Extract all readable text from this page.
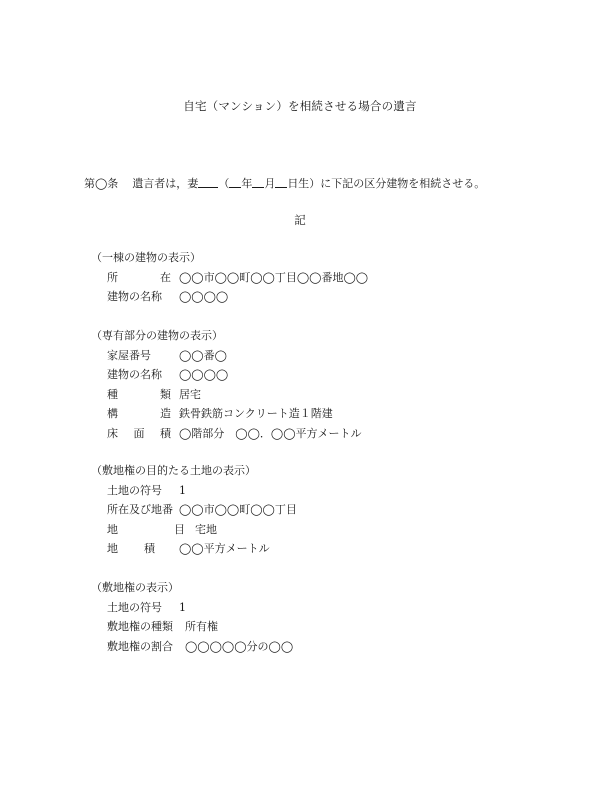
自宅（マンション）を相続させる場合の遺言
第◯条 遺言者は，妻 （ 年 月 日生）に下記の区分建物を相続させる。
記
（一棟の建物の表示）
所	在 ◯◯市◯◯町◯◯丁目◯◯番地◯◯
建物の名称	◯◯◯◯
（専有部分の建物の表示）
家屋番号	◯◯番◯
建物の名称	◯◯◯◯
種	類 居宅
構	造 鉄骨鉄筋コンクリート造１階建
床 面 積 ◯階部分　◯◯．◯◯平方メートル
（敷地権の目的たる土地の表示）
土地の符号	1
所在及び地番 ◯◯市◯◯町◯◯丁目
地	目 宅地
地 積 ◯◯平方メートル
（敷地権の表示）
土地の符号	1
敷地権の種類	所有権
敷地権の割合	◯◯◯◯◯分の◯◯
